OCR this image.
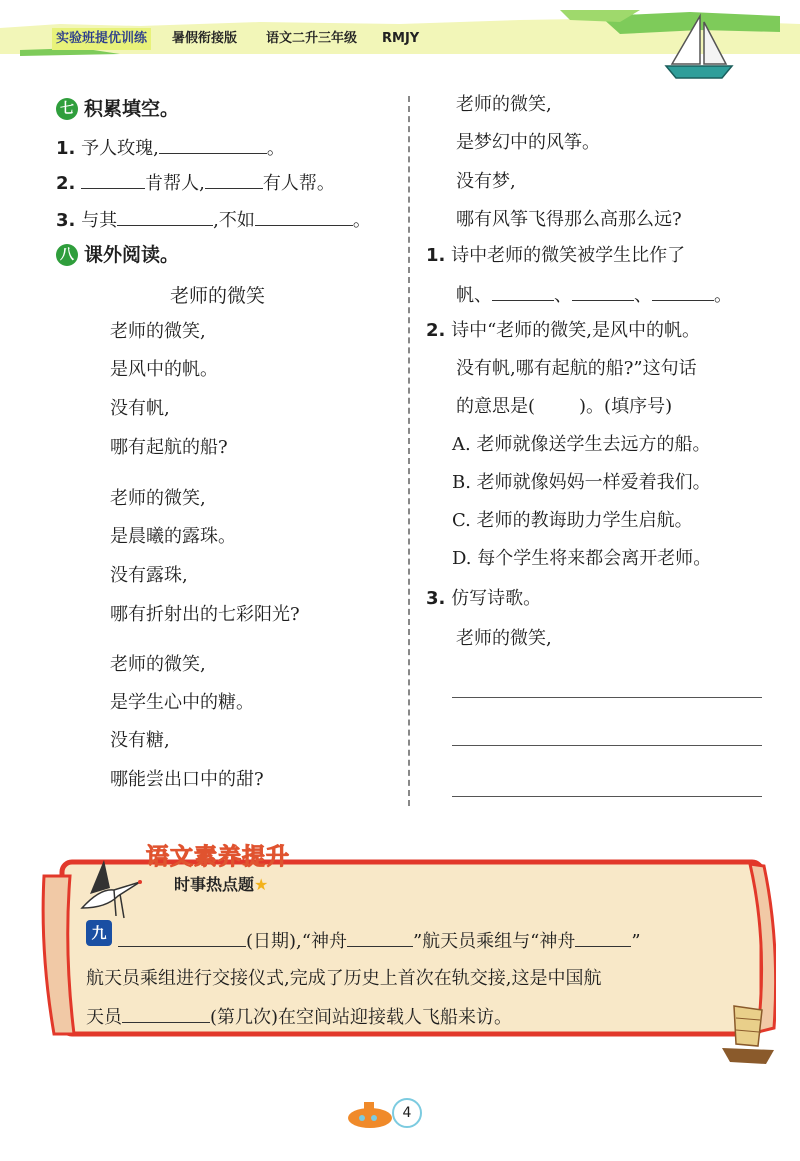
实验班提优训练	暑假衔接版 语文二升三年级 RMJY
七 积累填空。
1. 予人玫瑰,	。
2.	肯帮人,	有人帮。
3. 与其	,不如	。
八 课外阅读。
老师的微笑
老师的微笑,
是风中的帆。
没有帆,
哪有起航的船?
老师的微笑,
是晨曦的露珠。
没有露珠,
哪有折射出的七彩阳光?
老师的微笑,
是学生心中的糖。
没有糖,
哪能尝出口中的甜?
老师的微笑,
是梦幻中的风筝。
没有梦,
哪有风筝飞得那么高那么远?
1. 诗中老师的微笑被学生比作了
帆、	、	、	。
2. 诗中“老师的微笑,是风中的帆。
没有帆,哪有起航的船?”这句话
的意思是( )。(填序号)
A. 老师就像送学生去远方的船。
B. 老师就像妈妈一样爱着我们。
C. 老师的教诲助力学生启航。
D. 每个学生将来都会离开老师。
3. 仿写诗歌。
老师的微笑,
语文素养提升
时事热点题★
九	(日期),“神舟	”航天员乘组与“神舟	”
航天员乘组进行交接仪式,完成了历史上首次在轨交接,这是中国航
天员	(第几次)在空间站迎接载人飞船来访。
4
